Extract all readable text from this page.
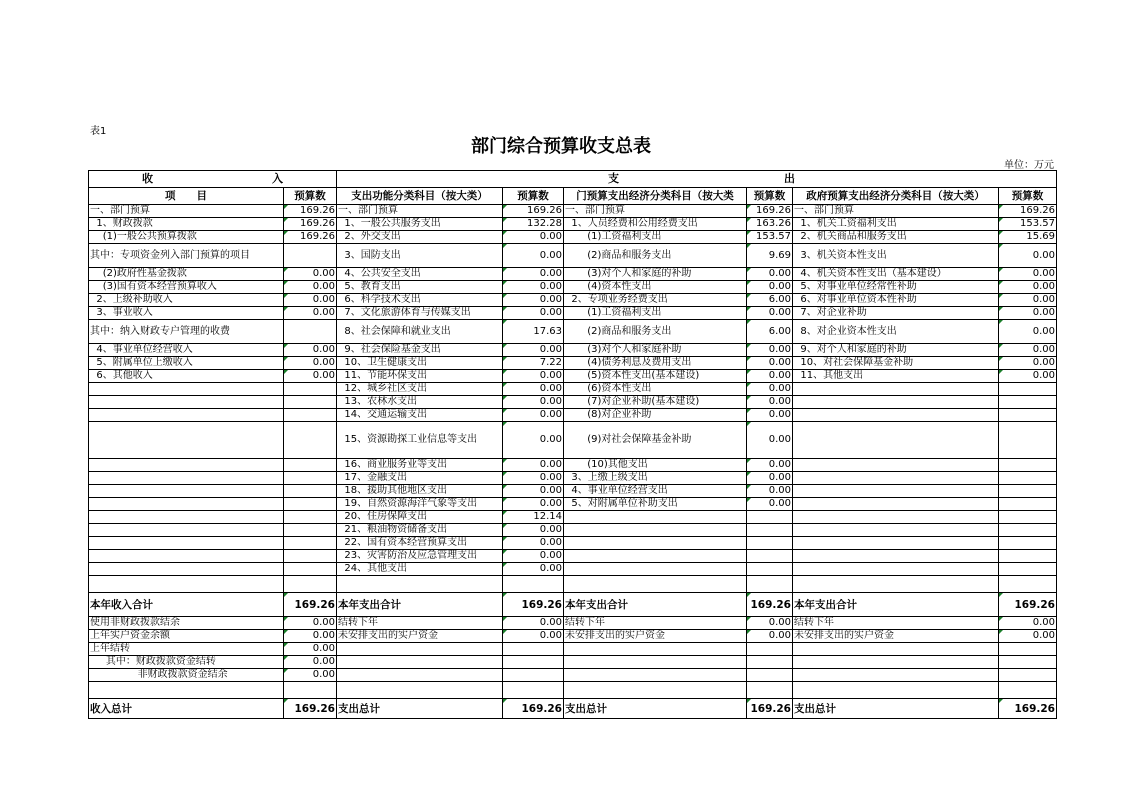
表1
部门综合预算收支总表
单位：万元
收 入		支 出					

项　　目	预算数	支出功能分类科目（按大类）	预算数	门预算支出经济分类科目（按大类	预算数	政府预算支出经济分类科目（按大类）	预算数
一、部门预算	169.26	一、部门预算	169.26	一、部门预算	169.26	一、部门预算	169.26
1、财政拨款	169.26	1、一般公共服务支出	132.28	1、人员经费和公用经费支出	163.26	1、机关工资福利支出	153.57
(1)一般公共预算拨款	169.26	2、外交支出	0.00	(1)工资福利支出	153.57	2、机关商品和服务支出	15.69
其中：专项资金列入部门预算的项目		3、国防支出	0.00	(2)商品和服务支出	9.69	3、机关资本性支出	0.00
(2)政府性基金拨款	0.00	4、公共安全支出	0.00	(3)对个人和家庭的补助	0.00	4、机关资本性支出（基本建设）	0.00
(3)国有资本经营预算收入	0.00	5、教育支出	0.00	(4)资本性支出	0.00	5、对事业单位经常性补助	0.00
2、上级补助收入	0.00	6、科学技术支出	0.00	2、专项业务经费支出	6.00	6、对事业单位资本性补助	0.00
3、事业收入	0.00	7、文化旅游体育与传媒支出	0.00	(1)工资福利支出	0.00	7、对企业补助	0.00
其中：纳入财政专户管理的收费		8、社会保障和就业支出	17.63	(2)商品和服务支出	6.00	8、对企业资本性支出	0.00
4、事业单位经营收入	0.00	9、社会保险基金支出	0.00	(3)对个人和家庭补助	0.00	9、对个人和家庭的补助	0.00
5、附属单位上缴收入	0.00	10、卫生健康支出	7.22	(4)债务利息及费用支出	0.00	10、对社会保障基金补助	0.00
6、其他收入	0.00	11、节能环保支出	0.00	(5)资本性支出(基本建设)	0.00	11、其他支出	0.00
		12、城乡社区支出	0.00	(6)资本性支出	0.00		
		13、农林水支出	0.00	(7)对企业补助(基本建设)	0.00		
		14、交通运输支出	0.00	(8)对企业补助	0.00		
		15、资源勘探工业信息等支出	0.00	(9)对社会保障基金补助	0.00		
		16、商业服务业等支出	0.00	(10)其他支出	0.00		
		17、金融支出	0.00	3、上缴上级支出	0.00		
		18、援助其他地区支出	0.00	4、事业单位经营支出	0.00		
		19、自然资源海洋气象等支出	0.00	5、对附属单位补助支出	0.00		
		20、住房保障支出	12.14				
		21、粮油物资储备支出	0.00				
		22、国有资本经营预算支出	0.00				
		23、灾害防治及应急管理支出	0.00				
		24、其他支出	0.00				

本年收入合计	169.26	本年支出合计	169.26	本年支出合计	169.26	本年支出合计	169.26
使用非财政拨款结余	0.00	结转下年	0.00	结转下年	0.00	结转下年	0.00
上年实户资金余额	0.00	未安排支出的实户资金	0.00	未安排支出的实户资金	0.00	未安排支出的实户资金	0.00
上年结转	0.00						
其中：财政拨款资金结转	0.00						
非财政拨款资金结余	0.00						

收入总计	169.26	支出总计	169.26	支出总计	169.26	支出总计	169.26
